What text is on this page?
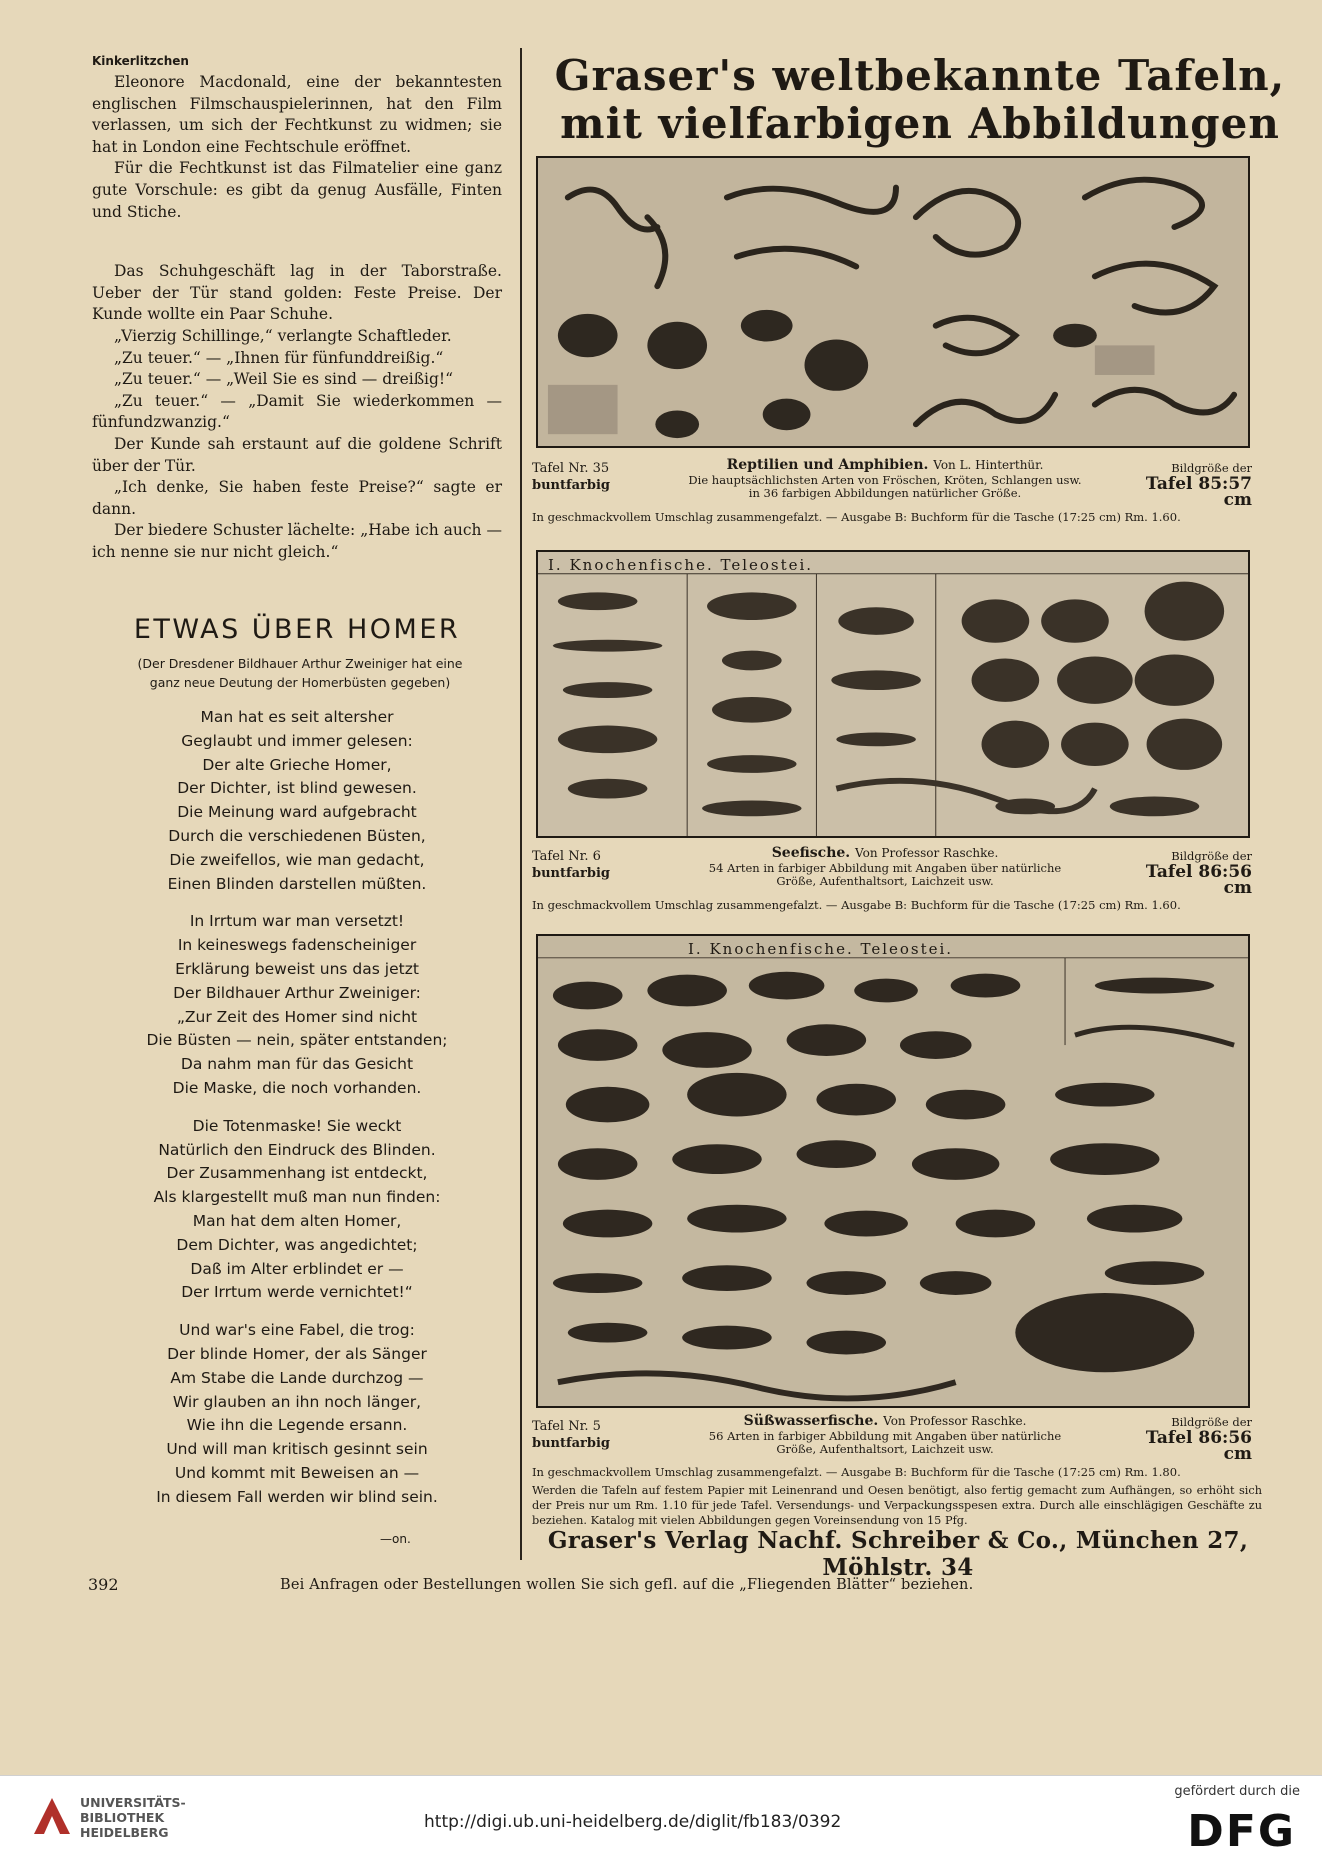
Kinkerlitzchen

Eleonore Macdonald, eine der bekanntesten englischen Filmschauspielerinnen, hat den Film verlassen, um sich der Fechtkunst zu widmen; sie hat in London eine Fechtschule eröffnet.

Für die Fechtkunst ist das Filmatelier eine ganz gute Vorschule: es gibt da genug Ausfälle, Finten und Stiche.

Das Schuhgeschäft lag in der Taborstraße. Ueber der Tür stand golden: Feste Preise. Der Kunde wollte ein Paar Schuhe.

„Vierzig Schillinge,“ verlangte Schaftleder.

„Zu teuer.“ — „Ihnen für fünfunddreißig.“

„Zu teuer.“ — „Weil Sie es sind — dreißig!“

„Zu teuer.“ — „Damit Sie wiederkommen — fünfundzwanzig.“

Der Kunde sah erstaunt auf die goldene Schrift über der Tür.

„Ich denke, Sie haben feste Preise?“ sagte er dann.

Der biedere Schuster lächelte: „Habe ich auch — ich nenne sie nur nicht gleich.“

ETWAS ÜBER HOMER
(Der Dresdener Bildhauer Arthur Zweiniger hat eine
ganz neue Deutung der Homerbüsten gegeben)
Man hat es seit altersher
Geglaubt und immer gelesen:
Der alte Grieche Homer,
Der Dichter, ist blind gewesen.
Die Meinung ward aufgebracht
Durch die verschiedenen Büsten,
Die zweifellos, wie man gedacht,
Einen Blinden darstellen müßten.
In Irrtum war man versetzt!
In keineswegs fadenscheiniger
Erklärung beweist uns das jetzt
Der Bildhauer Arthur Zweiniger:
„Zur Zeit des Homer sind nicht
Die Büsten — nein, später entstanden;
Da nahm man für das Gesicht
Die Maske, die noch vorhanden.
Die Totenmaske! Sie weckt
Natürlich den Eindruck des Blinden.
Der Zusammenhang ist entdeckt,
Als klargestellt muß man nun finden:
Man hat dem alten Homer,
Dem Dichter, was angedichtet;
Daß im Alter erblindet er —
Der Irrtum werde vernichtet!“
Und war's eine Fabel, die trog:
Der blinde Homer, der als Sänger
Am Stabe die Lande durchzog —
Wir glauben an ihn noch länger,
Wie ihn die Legende ersann.
Und will man kritisch gesinnt sein
Und kommt mit Beweisen an —
In diesem Fall werden wir blind sein.
—on.
Graser's weltbekannte Tafeln,
mit vielfarbigen Abbildungen
Tafel Nr. 35
buntfarbig
Reptilien und Amphibien. Von L. Hinterthür.
Die hauptsächlichsten Arten von Fröschen, Kröten, Schlangen usw.
in 36 farbigen Abbildungen natürlicher Größe.
Bildgröße der
Tafel 85:57 cm
In geschmackvollem Umschlag zusammengefalzt. — Ausgabe B: Buchform für die Tasche (17:25 cm) Rm. 1.60.
I. Knochenfische. Teleostei.
Tafel Nr. 6
buntfarbig
Seefische. Von Professor Raschke.
54 Arten in farbiger Abbildung mit Angaben über natürliche
Größe, Aufenthaltsort, Laichzeit usw.
Bildgröße der
Tafel 86:56 cm
In geschmackvollem Umschlag zusammengefalzt. — Ausgabe B: Buchform für die Tasche (17:25 cm) Rm. 1.60.
I. Knochenfische. Teleostei.
Tafel Nr. 5
buntfarbig
Süßwasserfische. Von Professor Raschke.
56 Arten in farbiger Abbildung mit Angaben über natürliche
Größe, Aufenthaltsort, Laichzeit usw.
Bildgröße der
Tafel 86:56 cm
In geschmackvollem Umschlag zusammengefalzt. — Ausgabe B: Buchform für die Tasche (17:25 cm) Rm. 1.80.
Werden die Tafeln auf festem Papier mit Leinenrand und Oesen benötigt, also fertig gemacht zum Aufhängen, so erhöht sich der Preis nur um Rm. 1.10 für jede Tafel. Versendungs- und Verpackungsspesen extra. Durch alle einschlägigen Geschäfte zu beziehen. Katalog mit vielen Abbildungen gegen Voreinsendung von 15 Pfg.
Graser's Verlag Nachf. Schreiber & Co., München 27, Möhlstr. 34
392	Bei Anfragen oder Bestellungen wollen Sie sich gefl. auf die „Fliegenden Blätter“ beziehen.
UNIVERSITÄTS-
BIBLIOTHEK
HEIDELBERG
http://digi.ub.uni-heidelberg.de/diglit/fb183/0392
gefördert durch die
DFG
